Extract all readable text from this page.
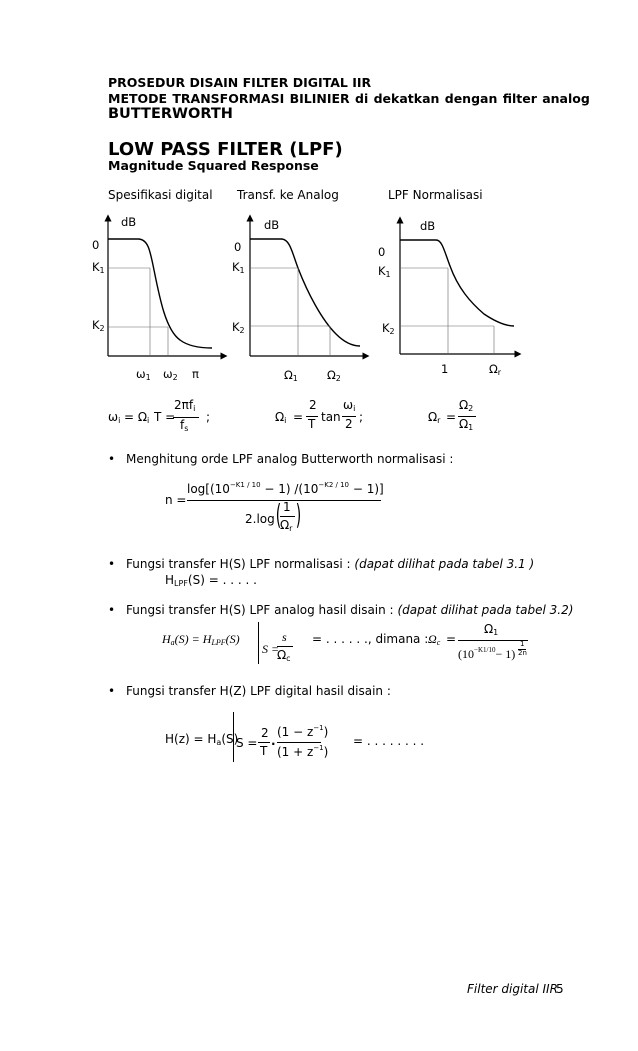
PROSEDUR DISAIN FILTER DIGITAL IIR
METODE TRANSFORMASI BILINIER di dekatkan dengan filter analog
BUTTERWORTH
LOW PASS FILTER (LPF)
Magnitude Squared Response
Spesifikasi digital Transf. ke Analog	LPF Normalisasi
dB
0
$K_1$
$K_2$
$\omega_1$ $\omega_2$ π
dB
0
$K_1$
$K_2$
$\Omega_1$	$\Omega_2$
dB
0
$K_1$
$K_2$
1	$\Omega_r$
$\omega_i = \Omega_i$ T =
$2\pi f_i$
$f_s$
;	$\Omega_i$ =
2
T tan
$\omega_i$
2 ;	$\Omega_r$ =
$\Omega_2$
$\Omega_1$
• Menghitung orde LPF analog Butterworth normalisasi :
n =
$\log[(10^{-K1 / 10} - 1) /(10^{-K2 / 10} - 1)]$
2.log ( 1
$\Omega_r$ )
• Fungsi transfer H(S) LPF normalisasi : (dapat dilihat pada tabel 3.1 )
$H_{LPF}(S)$ = . . . . .
• Fungsi transfer H(S) LPF analog hasil disain : (dapat dilihat pada tabel 3.2)
$H_a(S) = H_{LPF}(S)$
S =
s
$\Omega_c$
= . . . . . ., dimana : $\Omega_c$ =
$\Omega_1$
$(10^{-K1/10}- 1)$
1
2n
• Fungsi transfer H(Z) LPF digital hasil disain :
$H(z) = H_a(S)$
S =
2
T
.
$(1 - z^{-1})$
$(1 + z^{-1})$
= . . . . . . . .
Filter digital IIR
5
